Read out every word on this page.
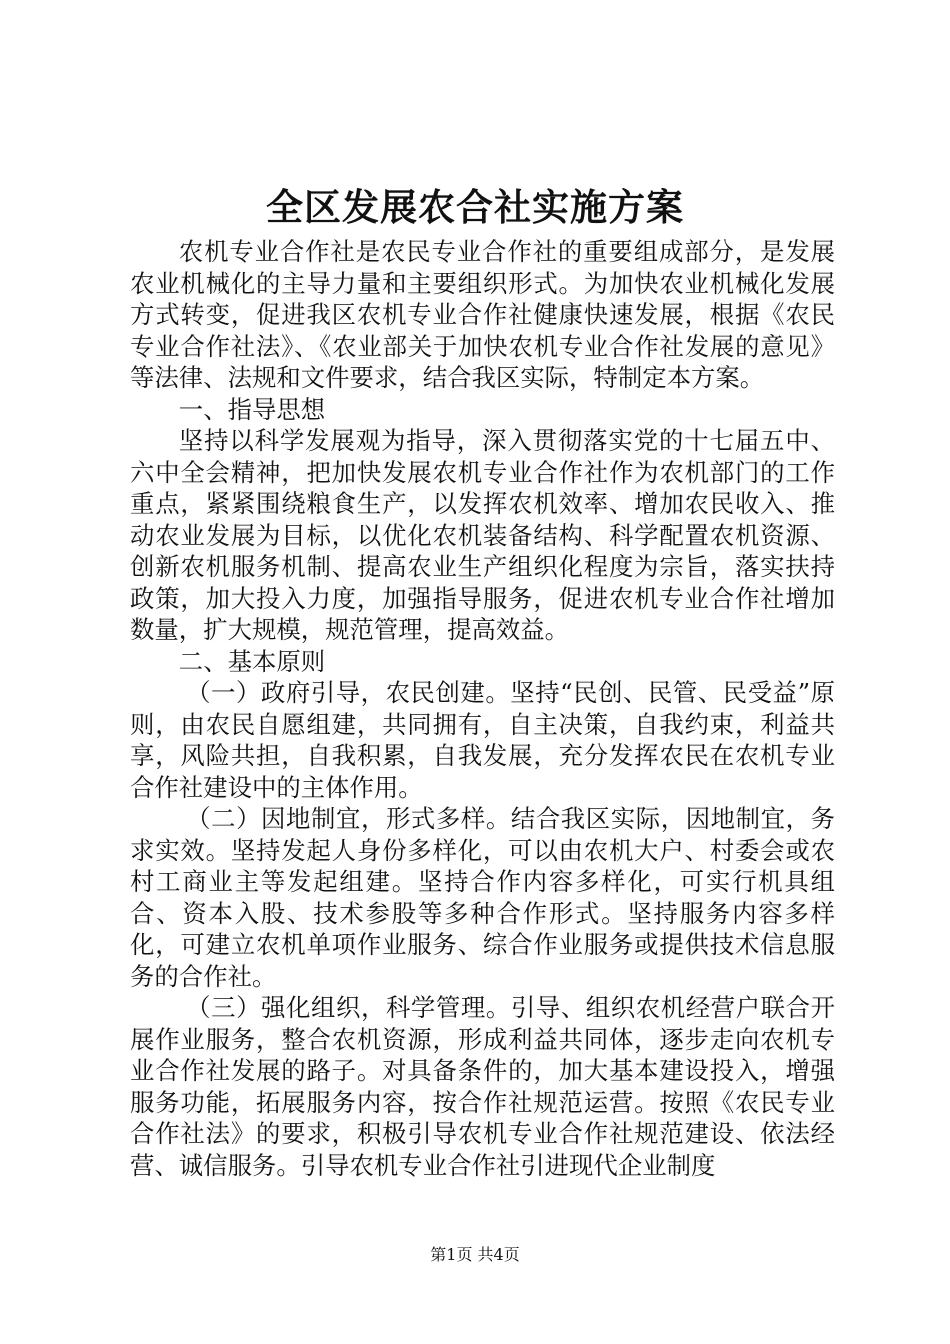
全区发展农合社实施方案

农机专业合作社是农民专业合作社的重要组成部分，是发展农业机械化的主导力量和主要组织形式。为加快农业机械化发展方式转变，促进我区农机专业合作社健康快速发展，根据《农民专业合作社法》、《农业部关于加快农机专业合作社发展的意见》等法律、法规和文件要求，结合我区实际，特制定本方案。

一、指导思想

坚持以科学发展观为指导，深入贯彻落实党的十七届五中、六中全会精神，把加快发展农机专业合作社作为农机部门的工作重点，紧紧围绕粮食生产，以发挥农机效率、增加农民收入、推动农业发展为目标，以优化农机装备结构、科学配置农机资源、创新农机服务机制、提高农业生产组织化程度为宗旨，落实扶持政策，加大投入力度，加强指导服务，促进农机专业合作社增加数量，扩大规模，规范管理，提高效益。

二、基本原则

（一）政府引导，农民创建。坚持“民创、民管、民受益”原则，由农民自愿组建，共同拥有，自主决策，自我约束，利益共享，风险共担，自我积累，自我发展，充分发挥农民在农机专业合作社建设中的主体作用。

（二）因地制宜，形式多样。结合我区实际，因地制宜，务求实效。坚持发起人身份多样化，可以由农机大户、村委会或农村工商业主等发起组建。坚持合作内容多样化，可实行机具组合、资本入股、技术参股等多种合作形式。坚持服务内容多样化，可建立农机单项作业服务、综合作业服务或提供技术信息服务的合作社。

（三）强化组织，科学管理。引导、组织农机经营户联合开展作业服务，整合农机资源，形成利益共同体，逐步走向农机专业合作社发展的路子。对具备条件的，加大基本建设投入，增强服务功能，拓展服务内容，按合作社规范运营。按照《农民专业合作社法》的要求，积极引导农机专业合作社规范建设、依法经营、诚信服务。引导农机专业合作社引进现代企业制度

第1页 共4页
